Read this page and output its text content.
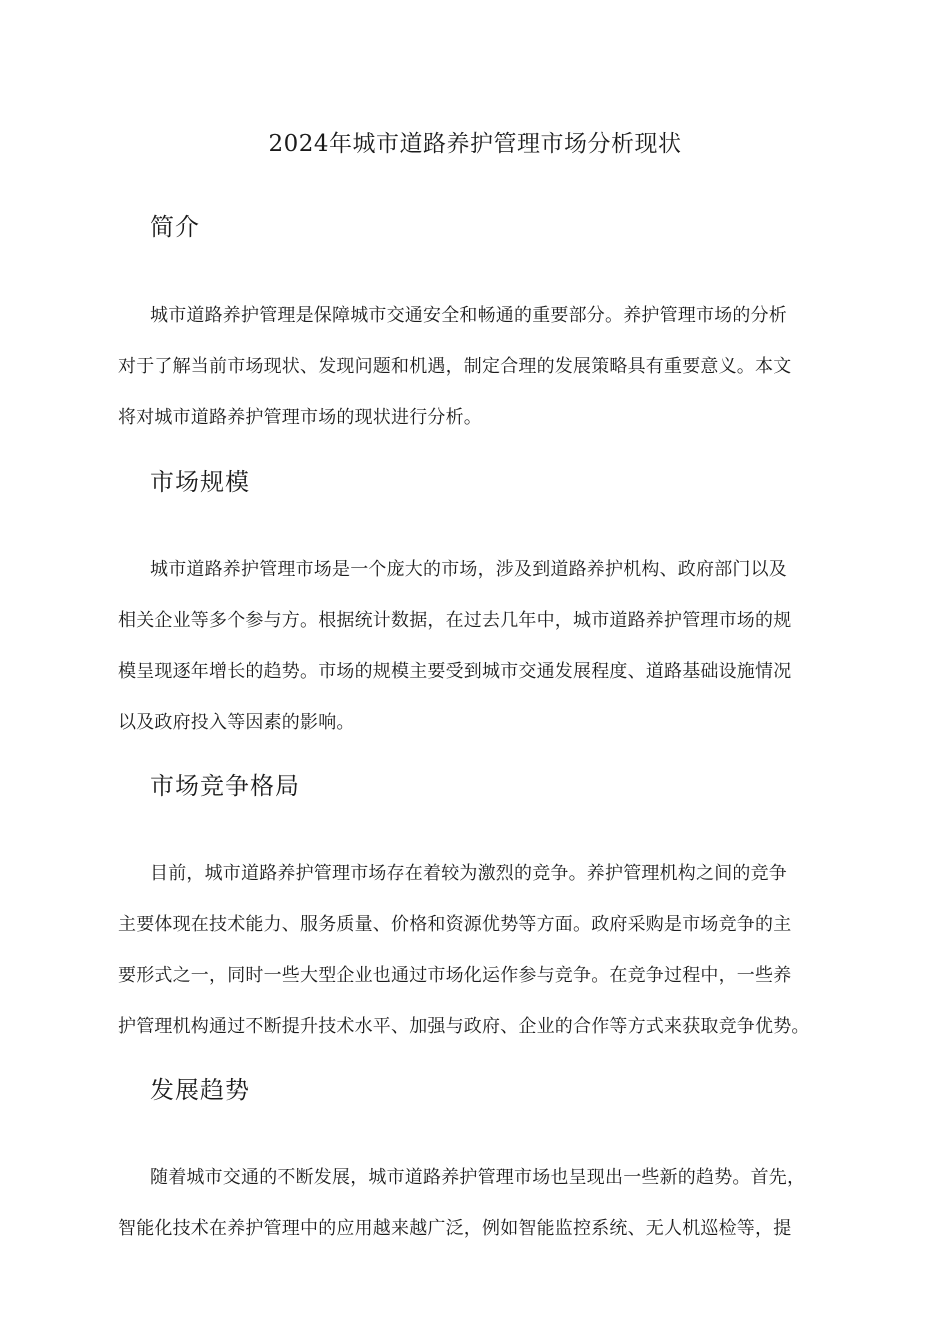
2024年城市道路养护管理市场分析现状
简介
城市道路养护管理是保障城市交通安全和畅通的重要部分。养护管理市场的分析
对于了解当前市场现状、发现问题和机遇，制定合理的发展策略具有重要意义。本文
将对城市道路养护管理市场的现状进行分析。
市场规模
城市道路养护管理市场是一个庞大的市场，涉及到道路养护机构、政府部门以及
相关企业等多个参与方。根据统计数据，在过去几年中，城市道路养护管理市场的规
模呈现逐年增长的趋势。市场的规模主要受到城市交通发展程度、道路基础设施情况
以及政府投入等因素的影响。
市场竞争格局
目前，城市道路养护管理市场存在着较为激烈的竞争。养护管理机构之间的竞争
主要体现在技术能力、服务质量、价格和资源优势等方面。政府采购是市场竞争的主
要形式之一，同时一些大型企业也通过市场化运作参与竞争。在竞争过程中，一些养
护管理机构通过不断提升技术水平、加强与政府、企业的合作等方式来获取竞争优势。
发展趋势
随着城市交通的不断发展，城市道路养护管理市场也呈现出一些新的趋势。首先，
智能化技术在养护管理中的应用越来越广泛，例如智能监控系统、无人机巡检等，提
